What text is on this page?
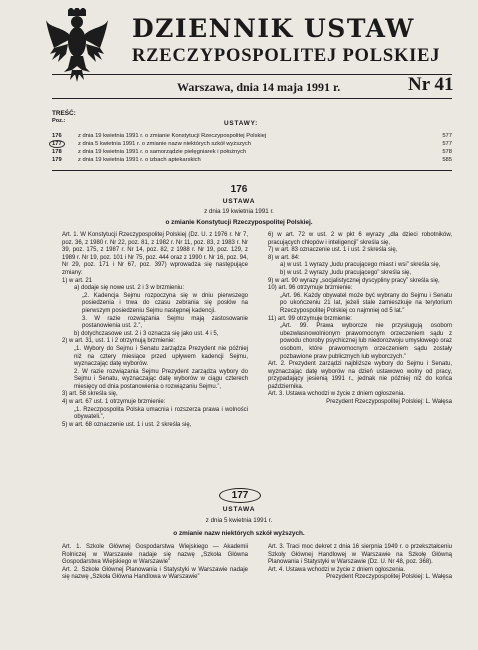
DZIENNIK USTAW
RZECZYPOSPOLITEJ POLSKIEJ
Warszawa, dnia 14 maja 1991 r.	Nr 41
TREŚĆ:
Poz.:	USTAWY:
176	z dnia 19 kwietnia 1991 r. o zmianie Konstytucji Rzeczypospolitej Polskiej	577
177	z dnia 5 kwietnia 1991 r. o zmianie nazw niektórych szkół wyższych	577
178	z dnia 19 kwietnia 1991 r. o samorządzie pielęgniarek i położnych	578
179	z dnia 19 kwietnia 1991 r. o izbach aptekarskich	585
176
USTAWA
z dnia 19 kwietnia 1991 r.
o zmianie Konstytucji Rzeczypospolitej Polskiej.

Art. 1. W Konstytucji Rzeczypospolitej Polskiej (Dz. U. z 1976 r. Nr 7, poz. 36, z 1980 r. Nr 22, poz. 81, z 1982 r. Nr 11, poz. 83, z 1983 r. Nr 39, poz. 175, z 1987 r. Nr 14, poz. 82, z 1988 r. Nr 19, poz. 129, z 1989 r. Nr 19, poz. 101 i Nr 75, poz. 444 oraz z 1990 r. Nr 16, poz. 94, Nr 29, poz. 171 i Nr 67, poz. 397) wprowadza się następujące zmiany:

1) w art. 21

a) dodaje się nowe ust. 2 i 3 w brzmieniu:

„2. Kadencja Sejmu rozpoczyna się w dniu pierwszego posiedzenia i trwa do czasu zebrania się posłów na pierwszym posiedzeniu Sejmu następnej kadencji.

3. W razie rozwiązania Sejmu mają zastosowanie postanowienia ust. 2.”,

b) dotychczasowe ust. 2 i 3 oznacza się jako ust. 4 i 5,

2) w art. 31, ust. 1 i 2 otrzymują brzmienie:

„1. Wybory do Sejmu i Senatu zarządza Prezydent nie później niż na cztery miesiące przed upływem kadencji Sejmu, wyznaczając datę wyborów.

2. W razie rozwiązania Sejmu Prezydent zarządza wybory do Sejmu i Senatu, wyznaczając datę wyborów w ciągu czterech miesięcy od dnia postanowienia o rozwiązaniu Sejmu.”,

3) art. 58 skreśla się,

4) w art. 67 ust. 1 otrzymuje brzmienie:

„1. Rzeczpospolita Polska umacnia i rozszerza prawa i wolności obywateli.”,

5) w art. 68 oznaczenie ust. 1 i ust. 2 skreśla się,

6) w art. 72 w ust. 2 w pkt 6 wyrazy „dla dzieci robotników, pracujących chłopów i inteligencji” skreśla się,

7) w art. 83 oznaczenie ust. 1 i ust. 2 skreśla się,

8) w art. 84:

a) w ust. 1 wyrazy „ludu pracującego miast i wsi” skreśla się,

b) w ust. 2 wyrazy „ludu pracującego” skreśla się,

9) w art. 90 wyrazy „socjalistycznej dyscypliny pracy” skreśla się,

10) art. 96 otrzymuje brzmienie:

„Art. 96. Każdy obywatel może być wybrany do Sejmu i Senatu po ukończeniu 21 lat, jeżeli stale zamieszkuje na terytorium Rzeczypospolitej Polskiej co najmniej od 5 lat.”

11) art. 99 otrzymuje brzmienie:

„Art. 99. Prawa wyborcze nie przysługują osobom ubezwłasnowolnionym prawomocnym orzeczeniem sądu z powodu choroby psychicznej lub niedorozwoju umysłowego oraz osobom, które prawomocnym orzeczeniem sądu zostały pozbawione praw publicznych lub wyborczych.”

Art. 2. Prezydent zarządzi najbliższe wybory do Sejmu i Senatu, wyznaczając datę wyborów na dzień ustawowo wolny od pracy, przypadający jesienią 1991 r., jednak nie później niż do końca października.

Art. 3. Ustawa wchodzi w życie z dniem ogłoszenia.

Prezydent Rzeczypospolitej Polskiej: L. Wałęsa

177
USTAWA
z dnia 5 kwietnia 1991 r.
o zmianie nazw niektórych szkół wyższych.

Art. 1. Szkole Głównej Gospodarstwa Wiejskiego — Akademii Rolniczej w Warszawie nadaje się nazwę „Szkoła Główna Gospodarstwa Wiejskiego w Warszawie”

Art. 2. Szkole Głównej Planowania i Statystyki w Warszawie nadaje się nazwę „Szkoła Główna Handlowa w Warszawie”

Art. 3. Traci moc dekret z dnia 16 sierpnia 1949 r. o przekształceniu Szkoły Głównej Handlowej w Warszawie na Szkołę Główną Planowania i Statystyki w Warszawie (Dz. U. Nr 48, poz. 368).

Art. 4. Ustawa wchodzi w życie z dniem ogłoszenia.

Prezydent Rzeczypospolitej Polskiej: L. Wałęsa
